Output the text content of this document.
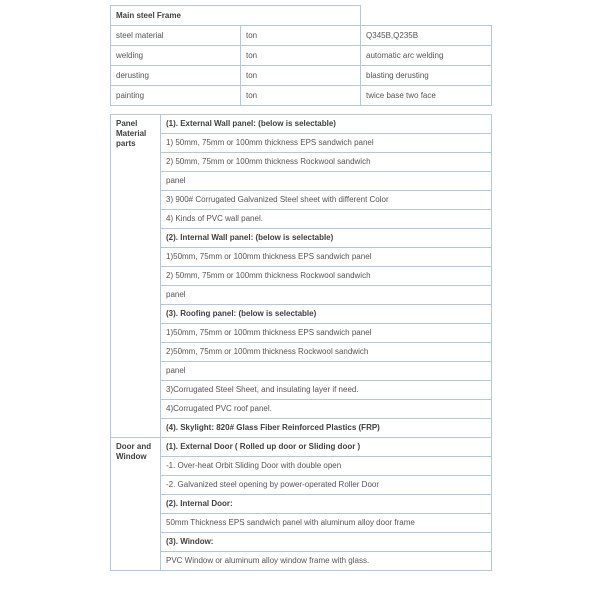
Main steel Frame		
steel material	ton	Q345B,Q235B
welding	ton	automatic arc welding
derusting	ton	blasting derusting
painting	ton	twice base two face
Panel Material parts	(1). External Wall panel: (below is selectable)
	1) 50mm, 75mm or 100mm thickness EPS sandwich panel
	2) 50mm, 75mm or 100mm thickness Rockwool sandwich
	panel
	3) 900# Corrugated Galvanized Steel sheet with different Color
	4) Kinds of PVC wall panel.
	(2). Internal Wall panel: (below is selectable)
	1)50mm, 75mm or 100mm thickness EPS sandwich panel
	2) 50mm, 75mm or 100mm thickness Rockwool sandwich
	panel
	(3). Roofing panel: (below is selectable)
	1)50mm, 75mm or 100mm thickness EPS sandwich panel
	2)50mm, 75mm or 100mm thickness Rockwool sandwich
	panel
	3)Corrugated Steel Sheet, and insulating layer if need.
	4)Corrugated PVC roof panel.
	(4). Skylight: 820# Glass Fiber Reinforced Plastics (FRP)
Door and Window	(1). External Door ( Rolled up door or Sliding door )
	-1. Over-heat Orbit Sliding Door with double open
	-2. Galvanized steel opening by power-operated Roller Door
	(2). Internal Door:
	50mm Thickness EPS sandwich panel with aluminum alloy door frame
	(3). Window:
	PVC Window or aluminum alloy window frame with glass.
